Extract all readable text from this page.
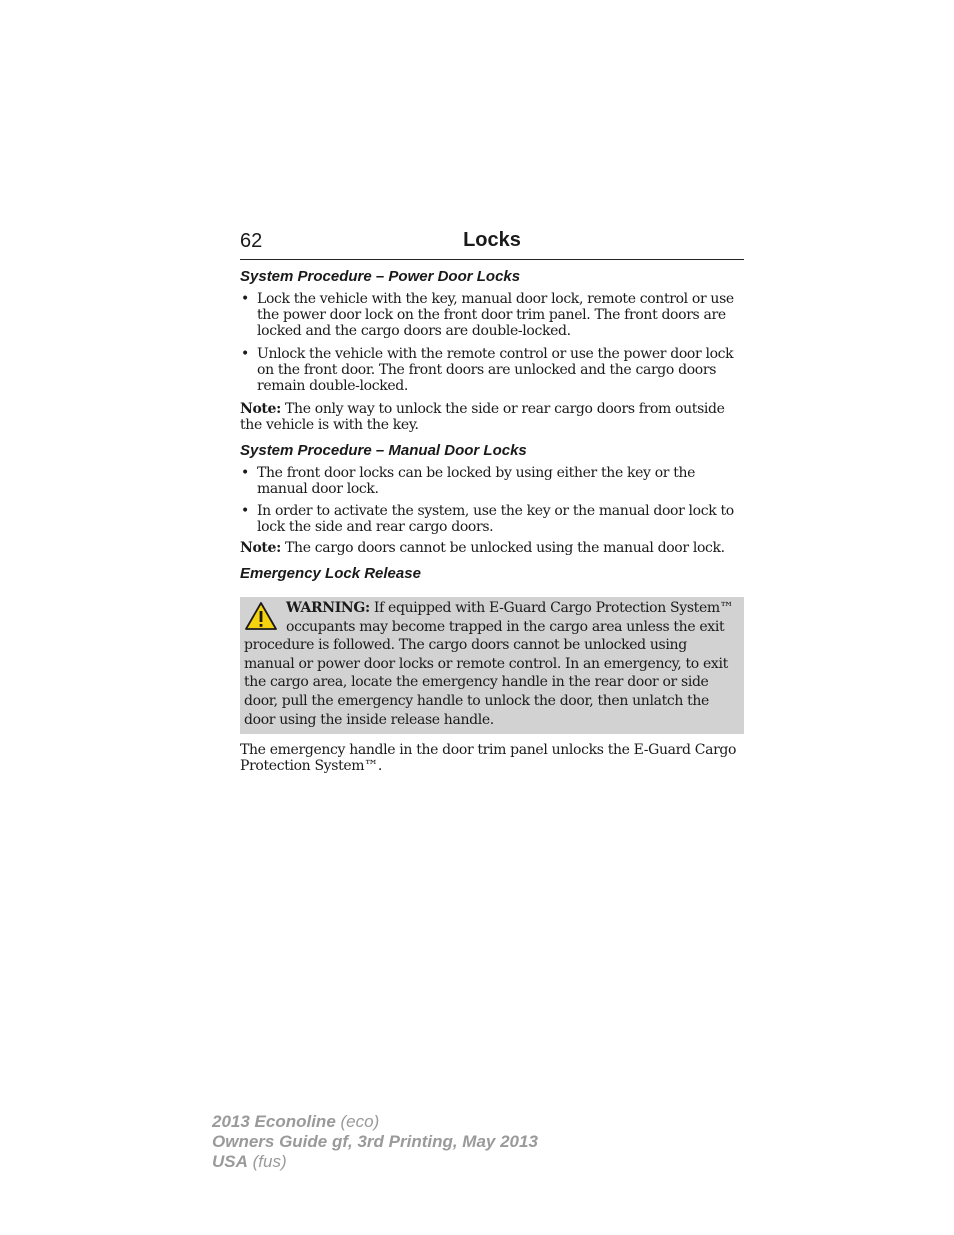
62	Locks
System Procedure – Power Door Locks
• Lock the vehicle with the key, manual door lock, remote control or use the power door lock on the front door trim panel. The front doors are locked and the cargo doors are double-locked.
• Unlock the vehicle with the remote control or use the power door lock on the front door. The front doors are unlocked and the cargo doors remain double-locked.

Note: The only way to unlock the side or rear cargo doors from outside the vehicle is with the key.

System Procedure – Manual Door Locks
• The front door locks can be locked by using either the key or the manual door lock.
• In order to activate the system, use the key or the manual door lock to lock the side and rear cargo doors.

Note: The cargo doors cannot be unlocked using the manual door lock.

Emergency Lock Release
WARNING: If equipped with E-Guard Cargo Protection System™ occupants may become trapped in the cargo area unless the exit procedure is followed. The cargo doors cannot be unlocked using manual or power door locks or remote control. In an emergency, to exit the cargo area, locate the emergency handle in the rear door or side door, pull the emergency handle to unlock the door, then unlatch the door using the inside release handle.

The emergency handle in the door trim panel unlocks the E-Guard Cargo Protection System™.

2013 Econoline (eco)
Owners Guide gf, 3rd Printing, May 2013
USA (fus)
